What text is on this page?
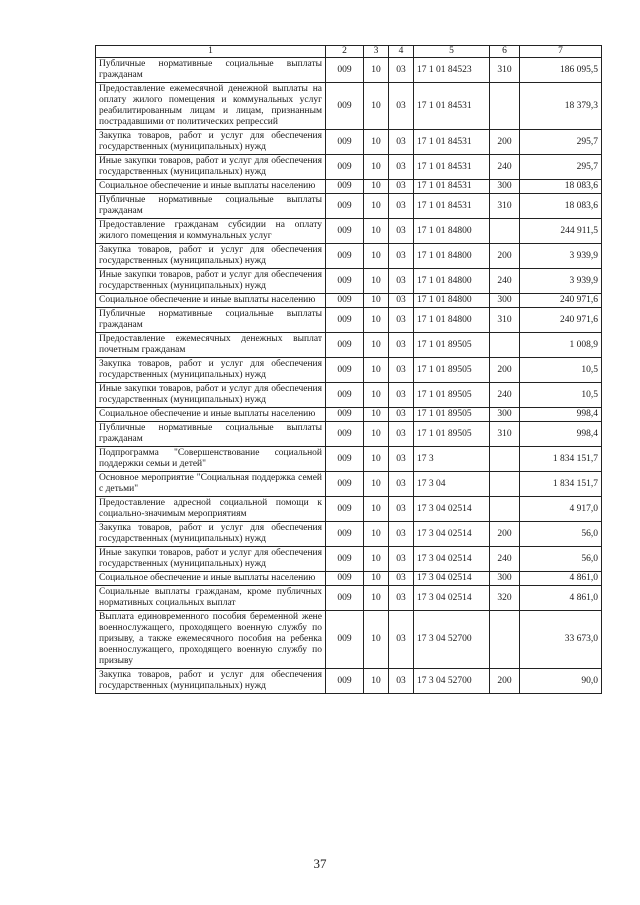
1	2	3	4	5	6	7
Публичные нормативные социальные выплаты гражданам	009	10	03	17 1 01 84523	310	186 095,5
Предоставление ежемесячной денежной выплаты на оплату жилого помещения и коммунальных услуг реабилитированным лицам и лицам, признанным пострадавшими от политических репрессий	009	10	03	17 1 01 84531		18 379,3
Закупка товаров, работ и услуг для обеспечения государственных (муниципальных) нужд	009	10	03	17 1 01 84531	200	295,7
Иные закупки товаров, работ и услуг для обеспечения государственных (муниципальных) нужд	009	10	03	17 1 01 84531	240	295,7
Социальное обеспечение и иные выплаты населению	009	10	03	17 1 01 84531	300	18 083,6
Публичные нормативные социальные выплаты гражданам	009	10	03	17 1 01 84531	310	18 083,6
Предоставление гражданам субсидии на оплату жилого помещения и коммунальных услуг	009	10	03	17 1 01 84800		244 911,5
Закупка товаров, работ и услуг для обеспечения государственных (муниципальных) нужд	009	10	03	17 1 01 84800	200	3 939,9
Иные закупки товаров, работ и услуг для обеспечения государственных (муниципальных) нужд	009	10	03	17 1 01 84800	240	3 939,9
Социальное обеспечение и иные выплаты населению	009	10	03	17 1 01 84800	300	240 971,6
Публичные нормативные социальные выплаты гражданам	009	10	03	17 1 01 84800	310	240 971,6
Предоставление ежемесячных денежных выплат почетным гражданам	009	10	03	17 1 01 89505		1 008,9
Закупка товаров, работ и услуг для обеспечения государственных (муниципальных) нужд	009	10	03	17 1 01 89505	200	10,5
Иные закупки товаров, работ и услуг для обеспечения государственных (муниципальных) нужд	009	10	03	17 1 01 89505	240	10,5
Социальное обеспечение и иные выплаты населению	009	10	03	17 1 01 89505	300	998,4
Публичные нормативные социальные выплаты гражданам	009	10	03	17 1 01 89505	310	998,4
Подпрограмма "Совершенствование социальной поддержки семьи и детей"	009	10	03	17 3		1 834 151,7
Основное мероприятие "Социальная поддержка семей с детьми"	009	10	03	17 3 04		1 834 151,7
Предоставление адресной социальной помощи к социально-значимым мероприятиям	009	10	03	17 3 04 02514		4 917,0
Закупка товаров, работ и услуг для обеспечения государственных (муниципальных) нужд	009	10	03	17 3 04 02514	200	56,0
Иные закупки товаров, работ и услуг для обеспечения государственных (муниципальных) нужд	009	10	03	17 3 04 02514	240	56,0
Социальное обеспечение и иные выплаты населению	009	10	03	17 3 04 02514	300	4 861,0
Социальные выплаты гражданам, кроме публичных нормативных социальных выплат	009	10	03	17 3 04 02514	320	4 861,0
Выплата единовременного пособия беременной жене военнослужащего, проходящего военную службу по призыву, а также ежемесячного пособия на ребенка военнослужащего, проходящего военную службу по призыву	009	10	03	17 3 04 52700		33 673,0
Закупка товаров, работ и услуг для обеспечения государственных (муниципальных) нужд	009	10	03	17 3 04 52700	200	90,0
37
